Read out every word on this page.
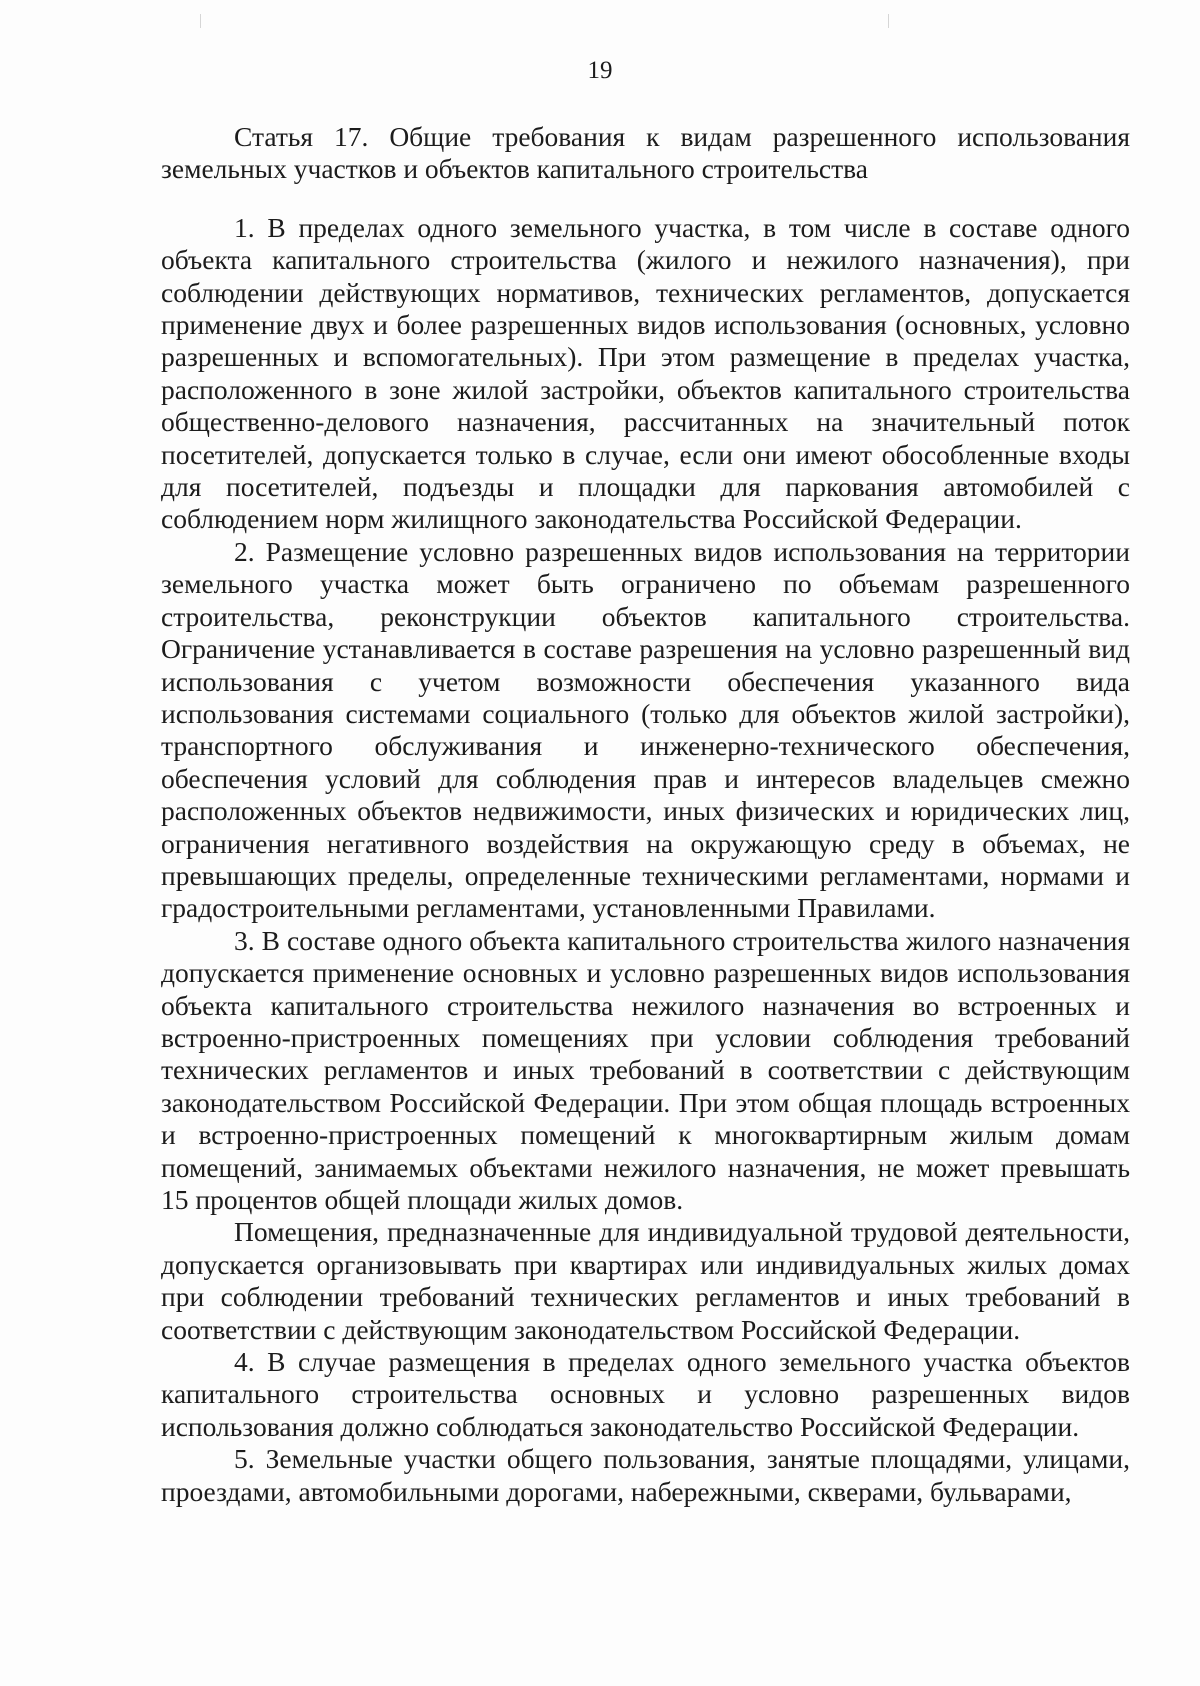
19
Статья 17. Общие требования к видам разрешенного использования земельных участков и объектов капитального строительства

1. В пределах одного земельного участка, в том числе в составе одного объекта капитального строительства (жилого и нежилого назначения), при соблюдении действующих нормативов, технических регламентов, допускается применение двух и более разрешенных видов использования (основных, условно разрешенных и вспомогательных). При этом размещение в пределах участка, расположенного в зоне жилой застройки, объектов капитального строительства общественно-делового назначения, рассчитанных на значительный поток посетителей, допускается только в случае, если они имеют обособленные входы для посетителей, подъезды и площадки для паркования автомобилей с соблюдением норм жилищного законодательства Российской Федерации.

2. Размещение условно разрешенных видов использования на территории земельного участка может быть ограничено по объемам разрешенного строительства, реконструкции объектов капитального строительства. Ограничение устанавливается в составе разрешения на условно разрешенный вид использования с учетом возможности обеспечения указанного вида использования системами социального (только для объектов жилой застройки), транспортного обслуживания и инженерно-технического обеспечения, обеспечения условий для соблюдения прав и интересов владельцев смежно расположенных объектов недвижимости, иных физических и юридических лиц, ограничения негативного воздействия на окружающую среду в объемах, не превышающих пределы, определенные техническими регламентами, нормами и градостроительными регламентами, установленными Правилами.

3. В составе одного объекта капитального строительства жилого назначения допускается применение основных и условно разрешенных видов использования объекта капитального строительства нежилого назначения во встроенных и встроенно-пристроенных помещениях при условии соблюдения требований технических регламентов и иных требований в соответствии с действующим законодательством Российской Федерации. При этом общая площадь встроенных и встроенно-пристроенных помещений к многоквартирным жилым домам помещений, занимаемых объектами нежилого назначения, не может превышать 15 процентов общей площади жилых домов.

Помещения, предназначенные для индивидуальной трудовой деятельности, допускается организовывать при квартирах или индивидуальных жилых домах при соблюдении требований технических регламентов и иных требований в соответствии с действующим законодательством Российской Федерации.

4. В случае размещения в пределах одного земельного участка объектов капитального строительства основных и условно разрешенных видов использования должно соблюдаться законодательство Российской Федерации.

5. Земельные участки общего пользования, занятые площадями, улицами, проездами, автомобильными дорогами, набережными, скверами, бульварами,
